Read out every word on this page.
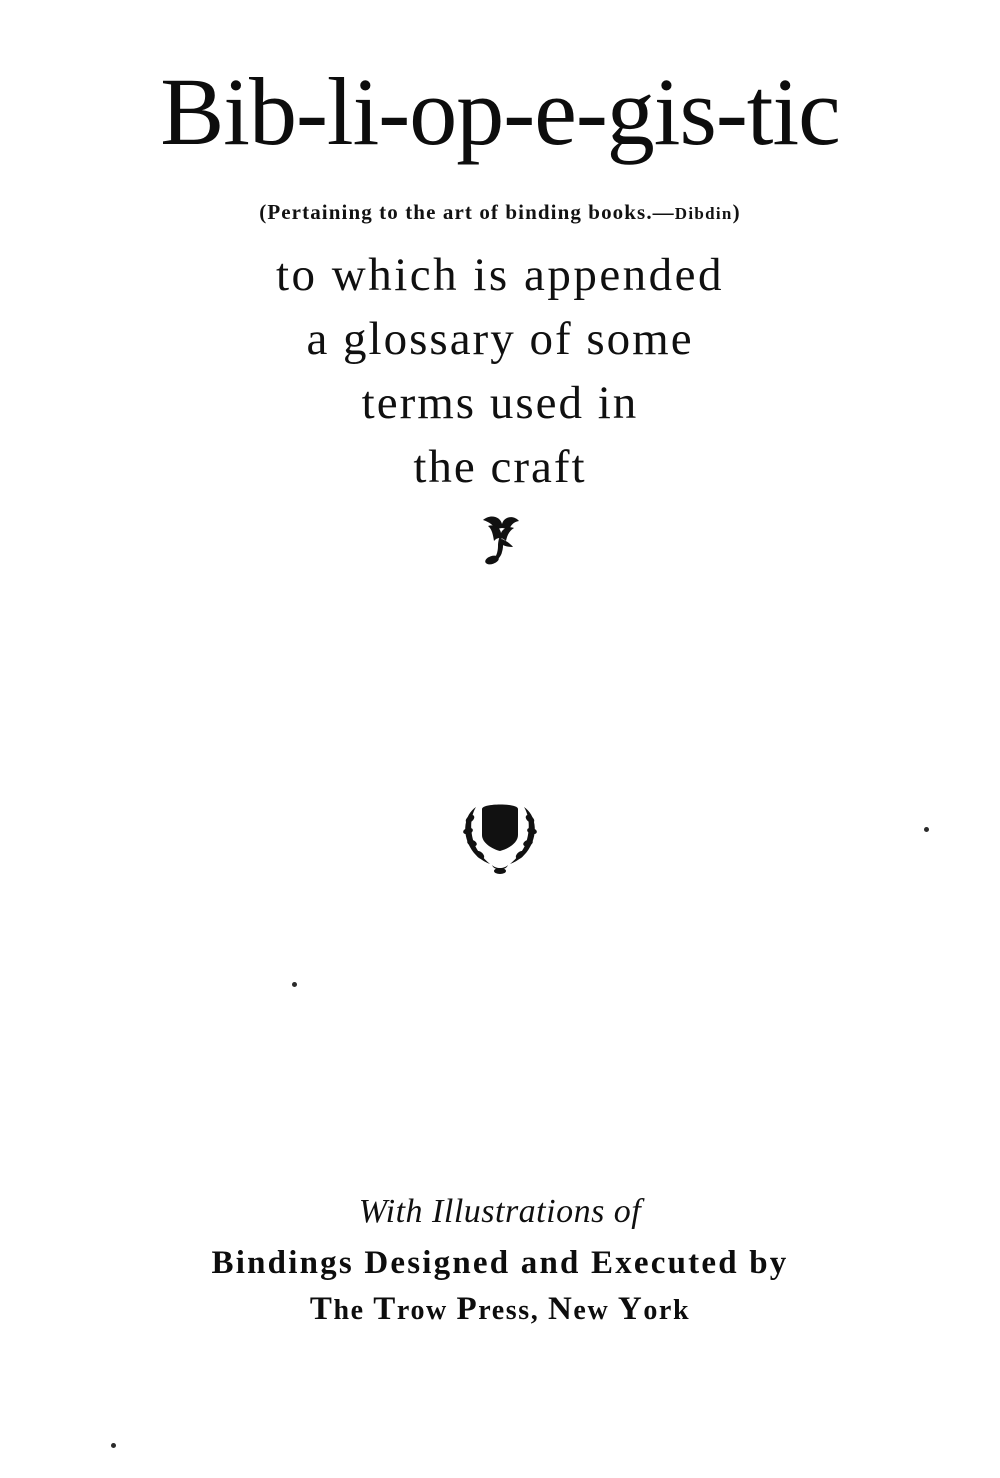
Bib-li-op-e-gis-tic
(Pertaining to the art of binding books.—Dibdin)
to which is appended
a glossary of some
terms used in
the craft
With Illustrations of
Bindings Designed and Executed by
The Trow Press, New York
